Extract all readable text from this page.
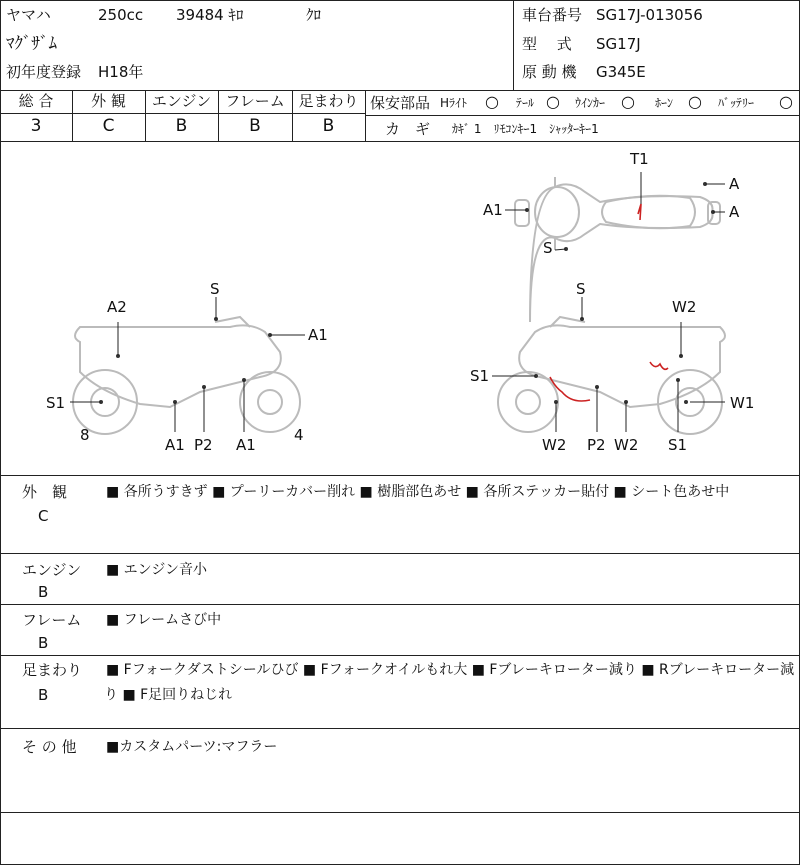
ヤマハ	250cc 39484 ｷﾛ	ｸﾛ
ﾏｸﾞｻﾞﾑ
初年度登録 H18年
車台番号 SG17J-013056
型　 式 SG17J
原 動 機 G345E
総 合
3
外 観
C
エンジン
B
フレーム
B
足まわり
B
保安部品 Hﾗｲﾄ ○ ﾃｰﾙ ○ ｳｲﾝｶｰ ○ ﾎｰﾝ ○ ﾊﾞｯﾃﾘｰ ○
カ　ギ ｶｷﾞ 1　ﾘﾓｺﾝｷｰ1　ｼｬｯﾀｰｷｰ1
T1
A
A
A1
S
A2
S
A1
S1
8
A1 P2 A1
4
S
W2
S1
W1
W2 P2 W2 S1
外　観
C
■ 各所うすきず ■ プーリーカバー削れ ■ 樹脂部色あせ ■ 各所ステッカー貼付 ■ シート色あせ中
エンジン
B
■ エンジン音小
フレーム
B
■ フレームさび中
足まわり
B
■ Fフォークダストシールひび ■ Fフォークオイルもれ大 ■ Fブレーキローター減り ■ Rブレーキローター減
り ■ F足回りねじれ
そ の 他 ■カスタムパーツ:マフラー
